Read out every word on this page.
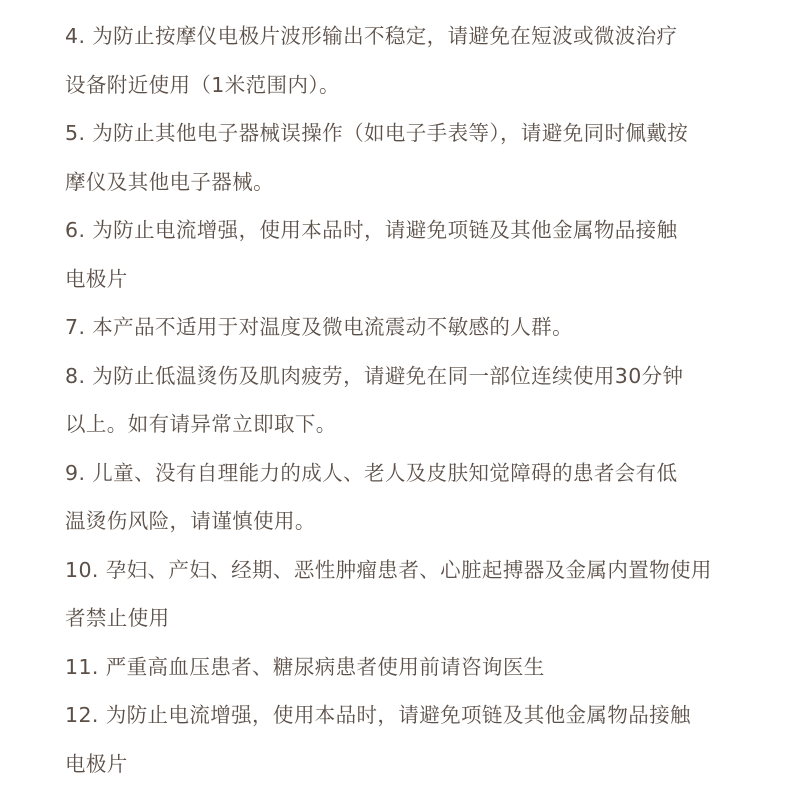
4. 为防止按摩仪电极片波形输出不稳定，请避免在短波或微波治疗
设备附近使用（1米范围内）。
5. 为防止其他电子器械误操作（如电子手表等），请避免同时佩戴按
摩仪及其他电子器械。
6. 为防止电流增强，使用本品时，请避免项链及其他金属物品接触
电极片
7. 本产品不适用于对温度及微电流震动不敏感的人群。
8. 为防止低温烫伤及肌肉疲劳，请避免在同一部位连续使用30分钟
以上。如有请异常立即取下。
9. 儿童、没有自理能力的成人、老人及皮肤知觉障碍的患者会有低
温烫伤风险，请谨慎使用。
10. 孕妇、产妇、经期、恶性肿瘤患者、心脏起搏器及金属内置物使用
者禁止使用
11. 严重高血压患者、糖尿病患者使用前请咨询医生
12. 为防止电流增强，使用本品时，请避免项链及其他金属物品接触
电极片
